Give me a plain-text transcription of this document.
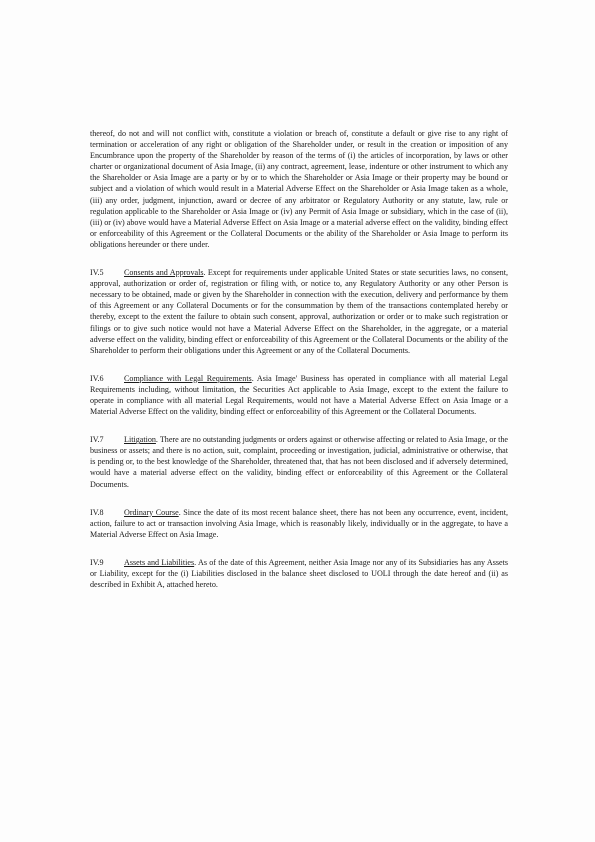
thereof, do not and will not conflict with, constitute a violation or breach of, constitute a default or give rise to any right of termination or acceleration of any right or obligation of the Shareholder under, or result in the creation or imposition of any Encumbrance upon the property of the Shareholder by reason of the terms of (i) the articles of incorporation, by laws or other charter or organizational document of Asia Image, (ii) any contract, agreement, lease, indenture or other instrument to which any the Shareholder or Asia Image are a party or by or to which the Shareholder or Asia Image or their property may be bound or subject and a violation of which would result in a Material Adverse Effect on the Shareholder or Asia Image taken as a whole, (iii) any order, judgment, injunction, award or decree of any arbitrator or Regulatory Authority or any statute, law, rule or regulation applicable to the Shareholder or Asia Image or (iv) any Permit of Asia Image or subsidiary, which in the case of (ii), (iii) or (iv) above would have a Material Adverse Effect on Asia Image or a material adverse effect on the validity, binding effect or enforceability of this Agreement or the Collateral Documents or the ability of the Shareholder or Asia Image to perform its obligations hereunder or there under.

IV.5	Consents and Approvals. Except for requirements under applicable United States or state securities laws, no consent, approval, authorization or order of, registration or filing with, or notice to, any Regulatory Authority or any other Person is necessary to be obtained, made or given by the Shareholder in connection with the execution, delivery and performance by them of this Agreement or any Collateral Documents or for the consummation by them of the transactions contemplated hereby or thereby, except to the extent the failure to obtain such consent, approval, authorization or order or to make such registration or filings or to give such notice would not have a Material Adverse Effect on the Shareholder, in the aggregate, or a material adverse effect on the validity, binding effect or enforceability of this Agreement or the Collateral Documents or the ability of the Shareholder to perform their obligations under this Agreement or any of the Collateral Documents.

IV.6	Compliance with Legal Requirements. Asia Image' Business has operated in compliance with all material Legal Requirements including, without limitation, the Securities Act applicable to Asia Image, except to the extent the failure to operate in compliance with all material Legal Requirements, would not have a Material Adverse Effect on Asia Image or a Material Adverse Effect on the validity, binding effect or enforceability of this Agreement or the Collateral Documents.

IV.7	Litigation. There are no outstanding judgments or orders against or otherwise affecting or related to Asia Image, or the business or assets; and there is no action, suit, complaint, proceeding or investigation, judicial, administrative or otherwise, that is pending or, to the best knowledge of the Shareholder, threatened that, that has not been disclosed and if adversely determined, would have a material adverse effect on the validity, binding effect or enforceability of this Agreement or the Collateral Documents.

IV.8	Ordinary Course. Since the date of its most recent balance sheet, there has not been any occurrence, event, incident, action, failure to act or transaction involving Asia Image, which is reasonably likely, individually or in the aggregate, to have a Material Adverse Effect on Asia Image.

IV.9	Assets and Liabilities. As of the date of this Agreement, neither Asia Image nor any of its Subsidiaries has any Assets or Liability, except for the (i) Liabilities disclosed in the balance sheet disclosed to UOLI through the date hereof and (ii) as described in Exhibit A, attached hereto.
